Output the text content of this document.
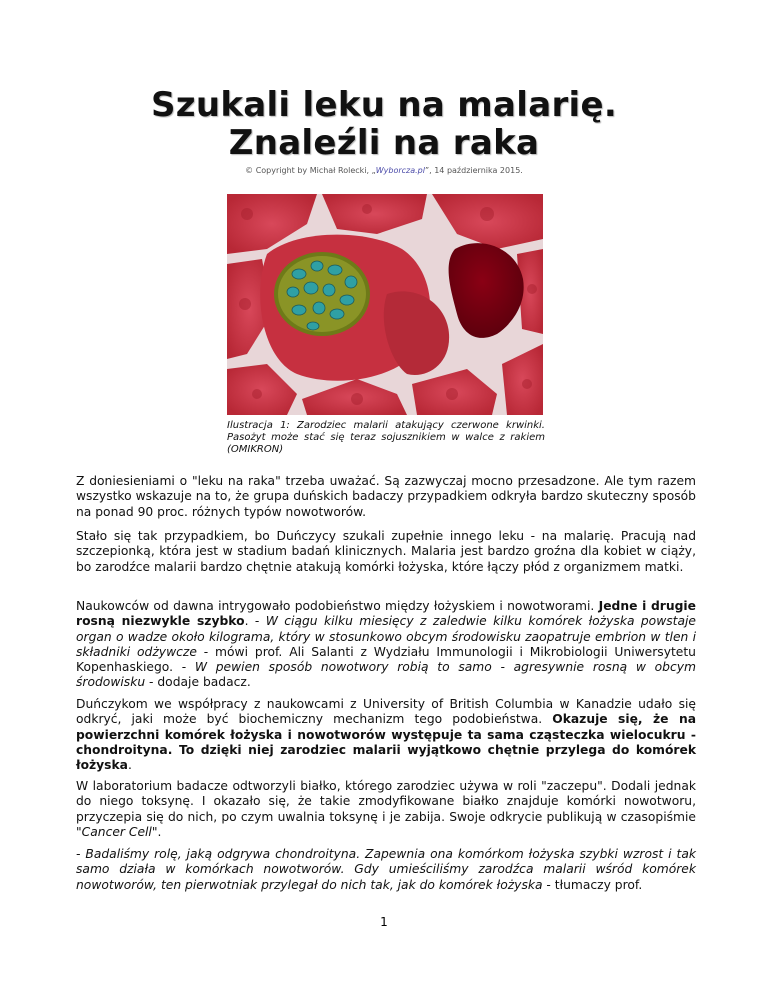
Szukali leku na malarię.
Znaleźli na raka
© Copyright by Michał Rolecki, „Wyborcza.pl”, 14 października 2015.
Ilustracja 1: Zarodziec malarii atakujący czerwone krwinki. Pasożyt może stać się teraz sojusznikiem w walce z rakiem (OMIKRON)
Z doniesieniami o "leku na raka" trzeba uważać. Są zazwyczaj mocno przesadzone. Ale tym razem wszystko wskazuje na to, że grupa duńskich badaczy przypadkiem odkryła bardzo skuteczny sposób na ponad 90 proc. różnych typów nowotworów.
Stało się tak przypadkiem, bo Duńczycy szukali zupełnie innego leku - na malarię. Pracują nad szczepionką, która jest w stadium badań klinicznych. Malaria jest bardzo groźna dla kobiet w ciąży, bo zarodźce malarii bardzo chętnie atakują komórki łożyska, które łączy płód z organizmem matki.
Naukowców od dawna intrygowało podobieństwo między łożyskiem i nowotworami. Jedne i drugie rosną niezwykle szybko. - W ciągu kilku miesięcy z zaledwie kilku komórek łożyska powstaje organ o wadze około kilograma, który w stosunkowo obcym środowisku zaopatruje embrion w tlen i składniki odżywcze - mówi prof. Ali Salanti z Wydziału Immunologii i Mikrobiologii Uniwersytetu Kopenhaskiego. - W pewien sposób nowotwory robią to samo - agresywnie rosną w obcym środowisku - dodaje badacz.
Duńczykom we współpracy z naukowcami z University of British Columbia w Kanadzie udało się odkryć, jaki może być biochemiczny mechanizm tego podobieństwa. Okazuje się, że na powierzchni komórek łożyska i nowotworów występuje ta sama cząsteczka wielocukru - chondroityna. To dzięki niej zarodziec malarii wyjątkowo chętnie przylega do komórek łożyska.
W laboratorium badacze odtworzyli białko, którego zarodziec używa w roli "zaczepu". Dodali jednak do niego toksynę. I okazało się, że takie zmodyfikowane białko znajduje komórki nowotworu, przyczepia się do nich, po czym uwalnia toksynę i je zabija. Swoje odkrycie publikują w czasopiśmie "Cancer Cell".
- Badaliśmy rolę, jaką odgrywa chondroityna. Zapewnia ona komórkom łożyska szybki wzrost i tak samo działa w komórkach nowotworów. Gdy umieściliśmy zarodźca malarii wśród komórek nowotworów, ten pierwotniak przylegał do nich tak, jak do komórek łożyska - tłumaczy prof.
1
